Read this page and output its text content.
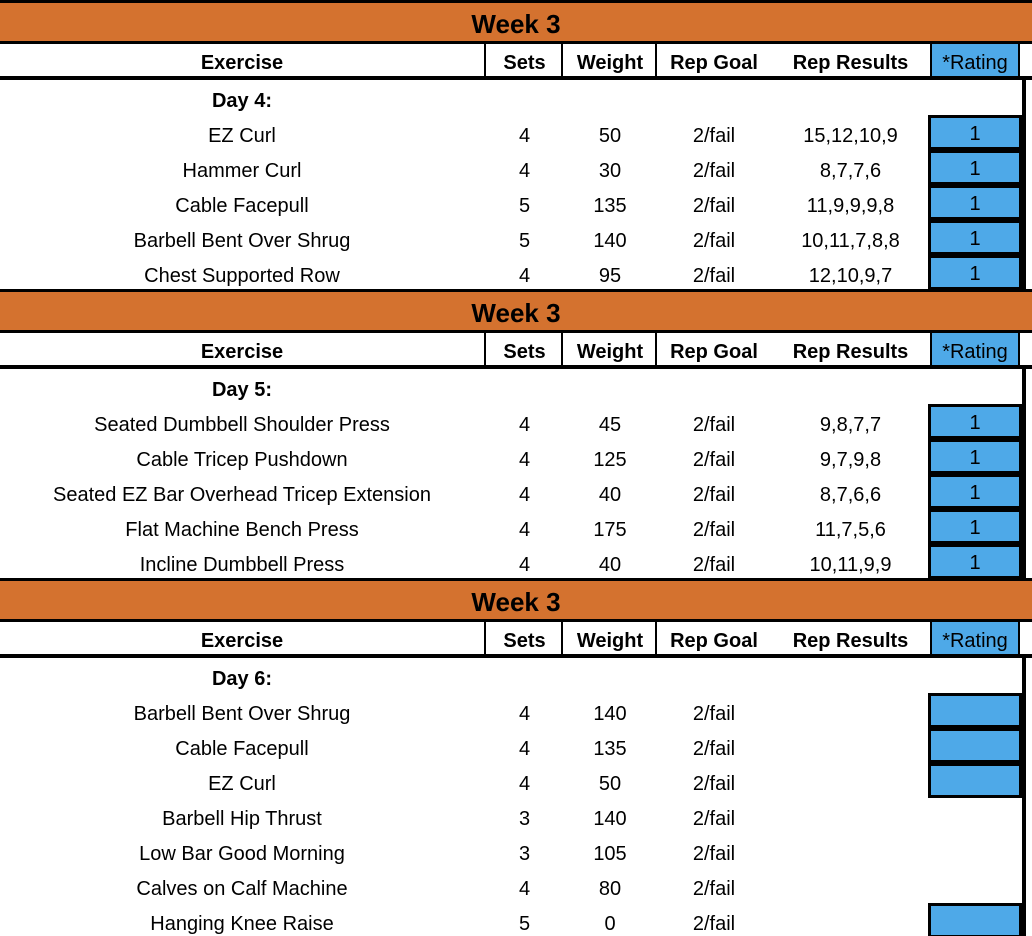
Week 3
Exercise	Sets	Weight	Rep Goal	Rep Results	*Rating
Day 4:
EZ Curl	4	50	2/fail	15,12,10,9	1
Hammer Curl	4	30	2/fail	8,7,7,6	1
Cable Facepull	5	135	2/fail	11,9,9,9,8	1
Barbell Bent Over Shrug	5	140	2/fail	10,11,7,8,8	1
Chest Supported Row	4	95	2/fail	12,10,9,7	1
Week 3
Exercise	Sets	Weight	Rep Goal	Rep Results	*Rating
Day 5:
Seated Dumbbell Shoulder Press	4	45	2/fail	9,8,7,7	1
Cable Tricep Pushdown	4	125	2/fail	9,7,9,8	1
Seated EZ Bar Overhead Tricep Extension	4	40	2/fail	8,7,6,6	1
Flat Machine Bench Press	4	175	2/fail	11,7,5,6	1
Incline Dumbbell Press	4	40	2/fail	10,11,9,9	1
Week 3
Exercise	Sets	Weight	Rep Goal	Rep Results	*Rating
Day 6:
Barbell Bent Over Shrug	4	140	2/fail
Cable Facepull	4	135	2/fail
EZ Curl	4	50	2/fail
Barbell Hip Thrust	3	140	2/fail
Low Bar Good Morning	3	105	2/fail
Calves on Calf Machine	4	80	2/fail
Hanging Knee Raise	5	0	2/fail
